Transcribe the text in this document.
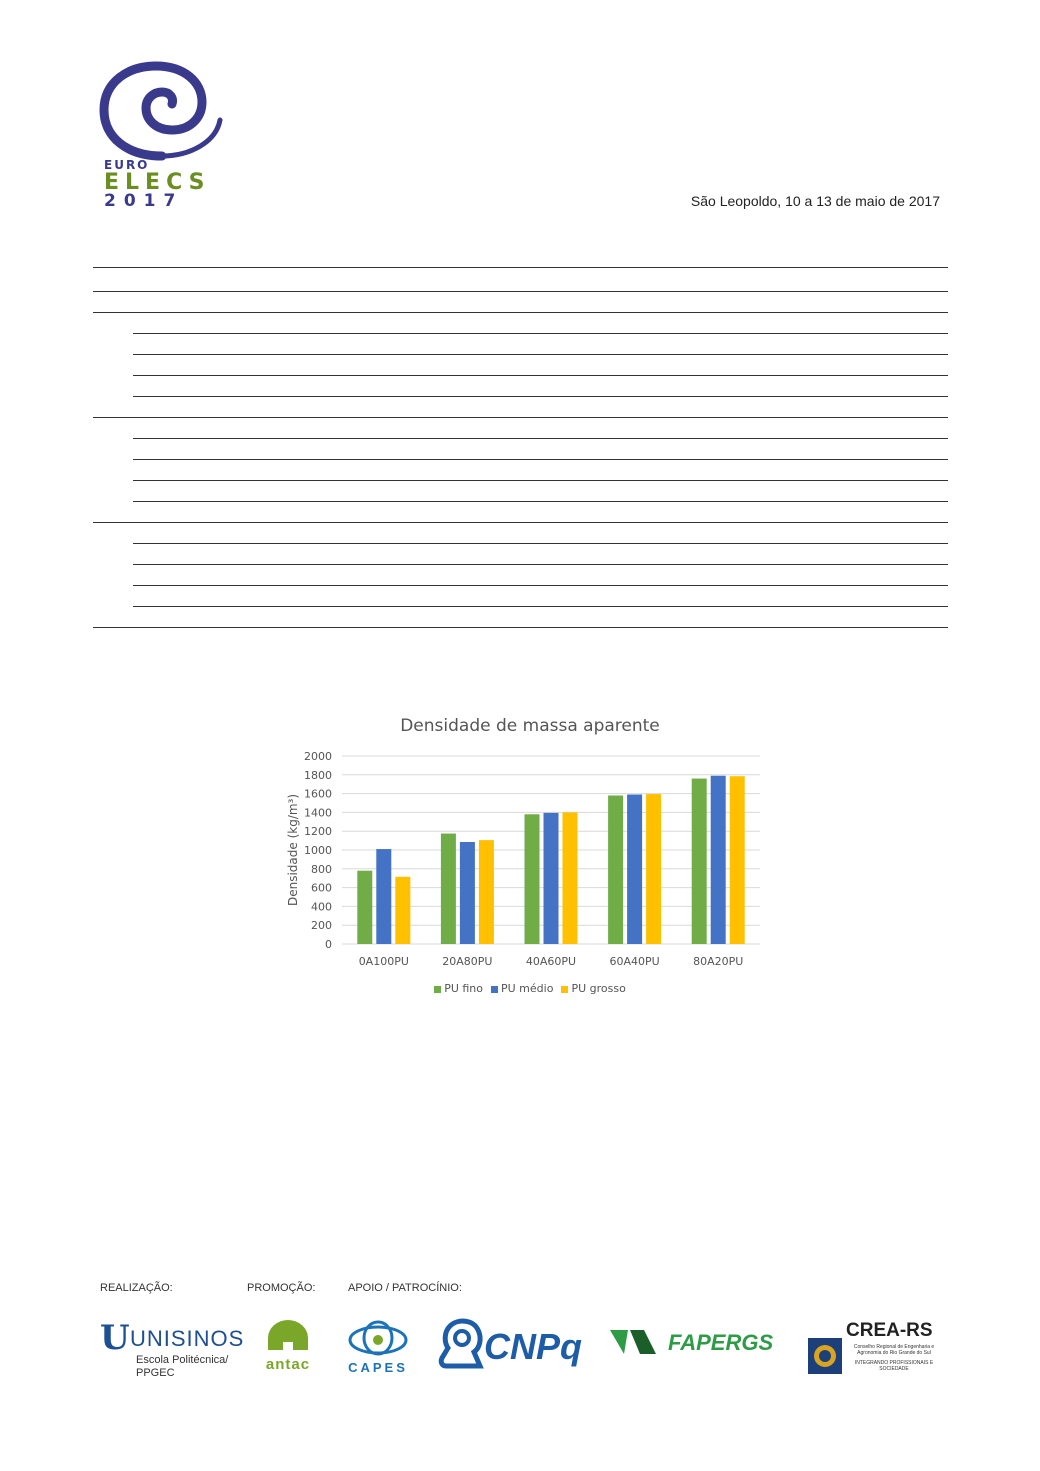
EURO
ELECS
2017	São Leopoldo, 10 a 13 de maio de 2017
0
200
400
600
800
1000
1200
1400
1600
1800
2000
0A100PU	20A80PU	40A60PU	60A40PU	80A20PU
Densidade (kg/m³)
Densidade de massa aparente
PU fino PU médio PU grosso
REALIZAÇÃO:	PROMOÇÃO:	APOIO / PATROCÍNIO:
U UNISINOS
Escola Politécnica/
PPGEC	antac	CAPES
CNPq	FAPERGS	CREA-RS
Conselho Regional de Engenharia e Agronomia do Rio Grande do Sul
INTEGRANDO PROFISSIONAIS E SOCIEDADE
